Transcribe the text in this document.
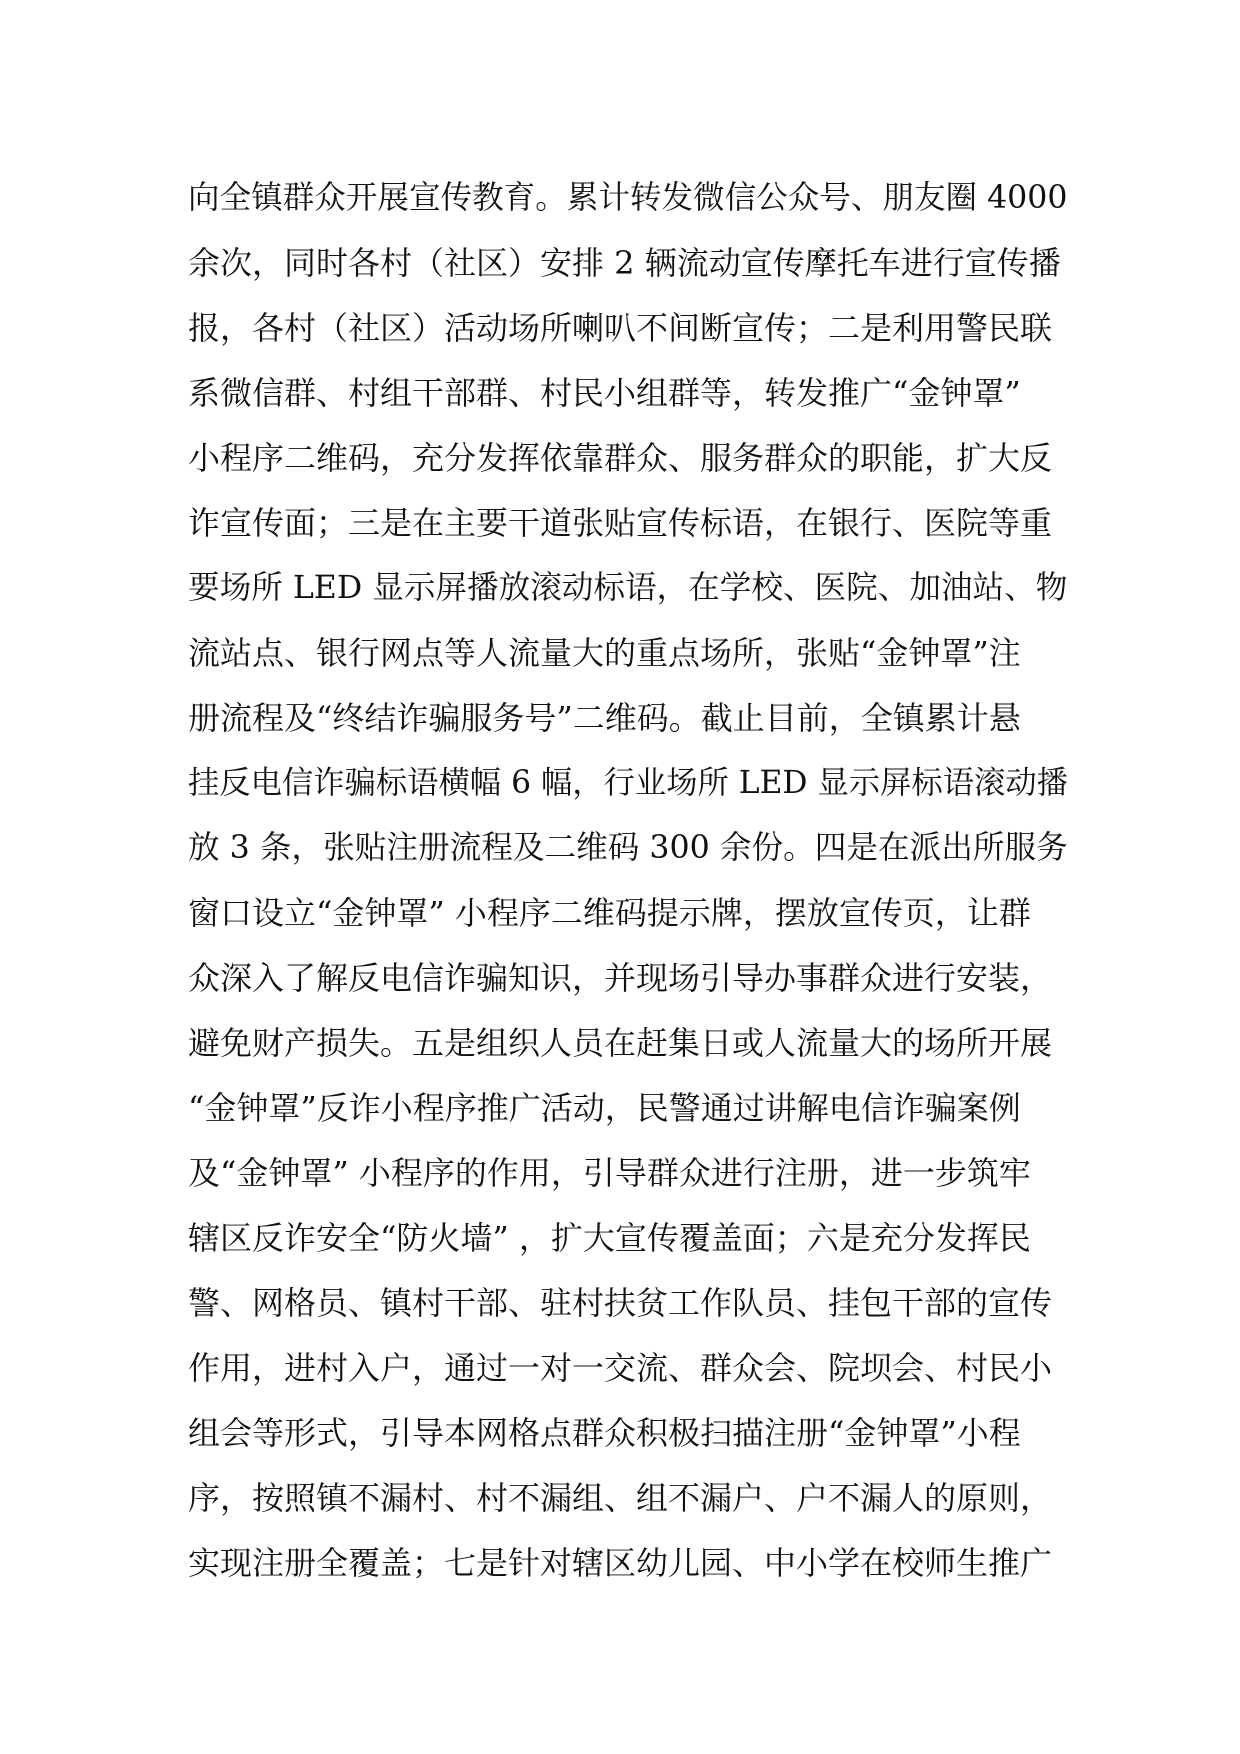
向全镇群众开展宣传教育。累计转发微信公众号、朋友圈 4000
余次，同时各村（社区）安排 2 辆流动宣传摩托车进行宣传播
报，各村（社区）活动场所喇叭不间断宣传；二是利用警民联
系微信群、村组干部群、村民小组群等，转发推广“金钟罩”
小程序二维码，充分发挥依靠群众、服务群众的职能，扩大反
诈宣传面；三是在主要干道张贴宣传标语，在银行、医院等重
要场所 LED 显示屏播放滚动标语，在学校、医院、加油站、物
流站点、银行网点等人流量大的重点场所，张贴“金钟罩”注
册流程及“终结诈骗服务号”二维码。截止目前，全镇累计悬
挂反电信诈骗标语横幅 6 幅，行业场所 LED 显示屏标语滚动播
放 3 条，张贴注册流程及二维码 300 余份。四是在派出所服务
窗口设立“金钟罩” 小程序二维码提示牌，摆放宣传页，让群
众深入了解反电信诈骗知识，并现场引导办事群众进行安装，
避免财产损失。五是组织人员在赶集日或人流量大的场所开展
“金钟罩”反诈小程序推广活动，民警通过讲解电信诈骗案例
及“金钟罩” 小程序的作用，引导群众进行注册，进一步筑牢
辖区反诈安全“防火墙” ，扩大宣传覆盖面；六是充分发挥民
警、网格员、镇村干部、驻村扶贫工作队员、挂包干部的宣传
作用，进村入户，通过一对一交流、群众会、院坝会、村民小
组会等形式，引导本网格点群众积极扫描注册“金钟罩”小程
序，按照镇不漏村、村不漏组、组不漏户、户不漏人的原则，
实现注册全覆盖；七是针对辖区幼儿园、中小学在校师生推广
